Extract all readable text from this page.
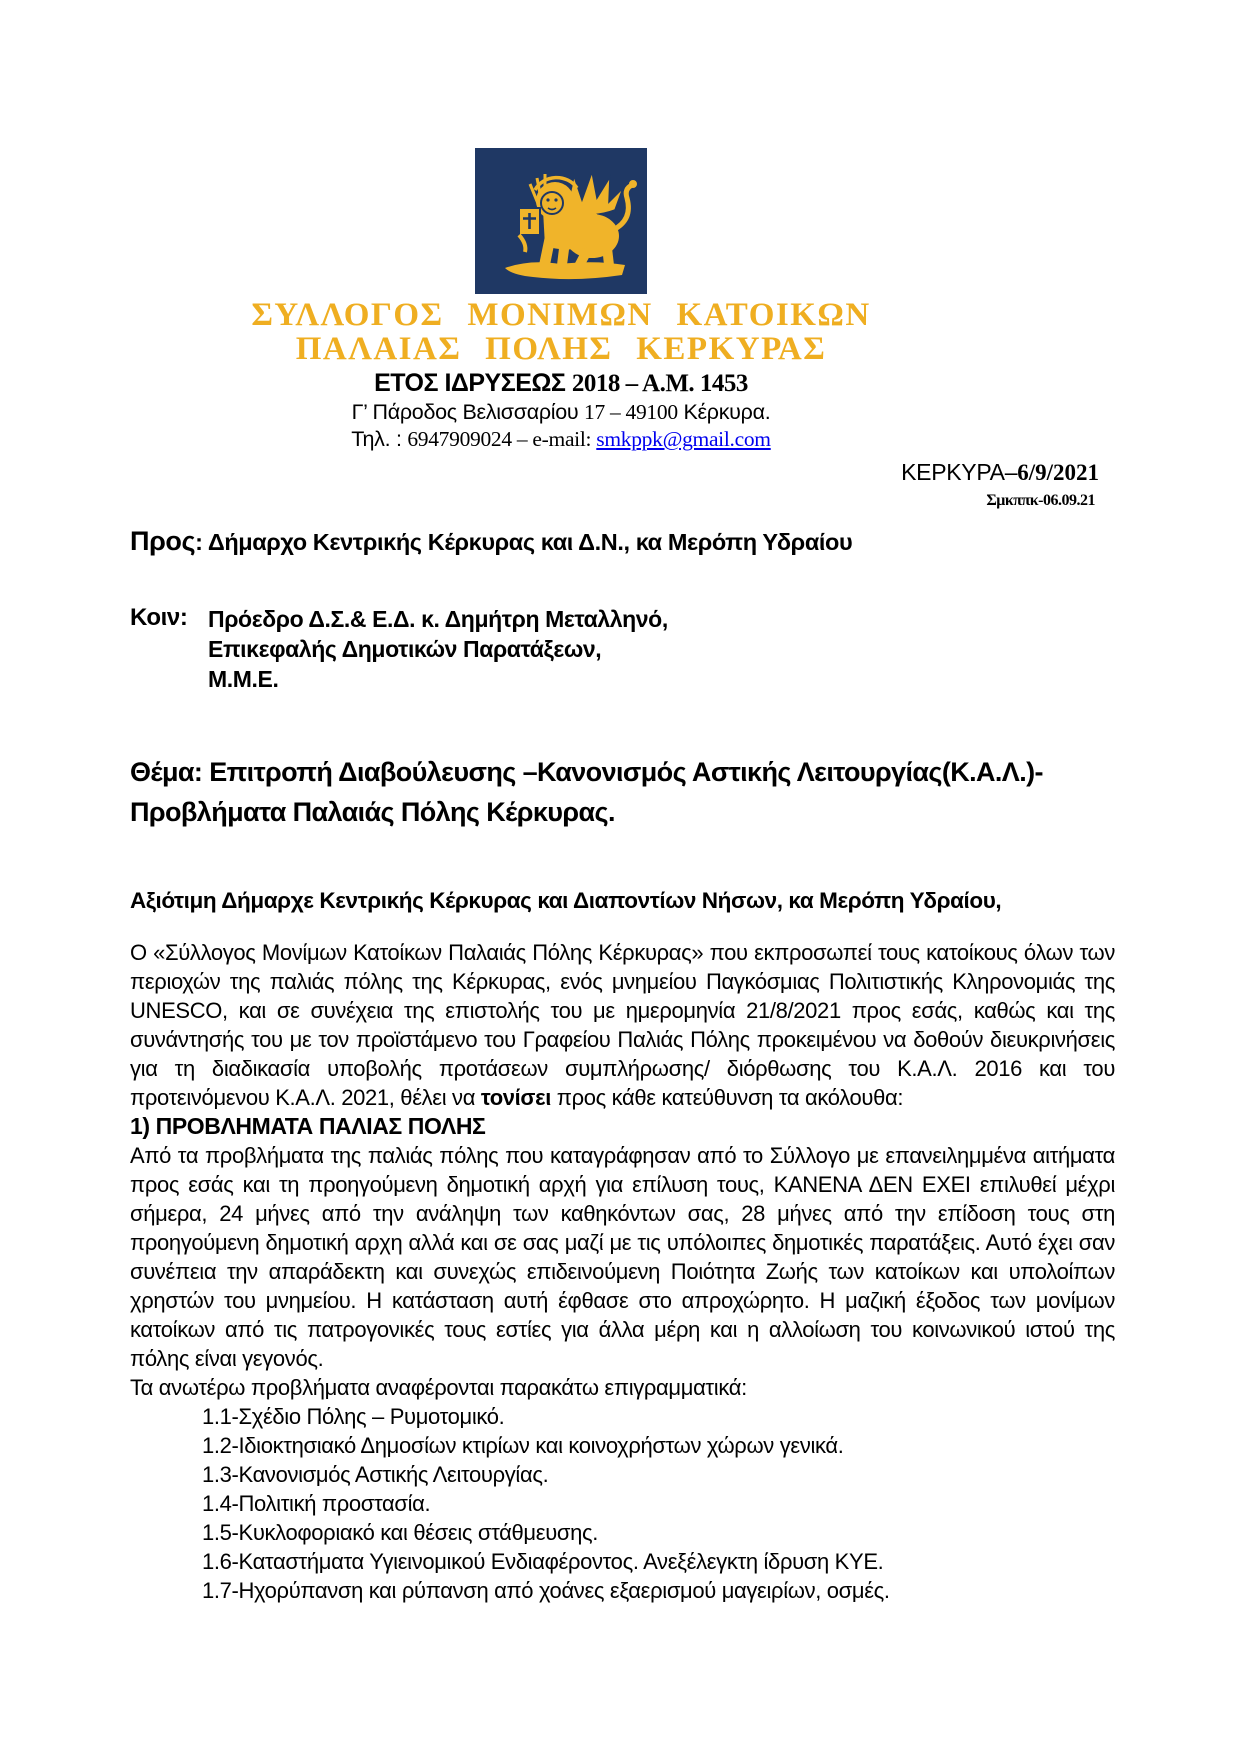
ΣΥΛΛΟΓΟΣ ΜΟΝΙΜΩΝ ΚΑΤΟΙΚΩΝ
ΠΑΛΑΙΑΣ ΠΟΛΗΣ ΚΕΡΚΥΡΑΣ
ΕΤΟΣ ΙΔΡΥΣΕΩΣ 2018 – Α.Μ. 1453
Γ’ Πάροδος Βελισσαρίου 17 – 49100 Κέρκυρα.
Τηλ. : 6947909024 – e-mail: smkppk@gmail.com
ΚΕΡΚΥΡΑ–6/9/2021
Σμκππκ-06.09.21
Προς: Δήμαρχο Κεντρικής Κέρκυρας και Δ.Ν., κα Μερόπη Υδραίου
Κοιν: Πρόεδρο Δ.Σ.& Ε.Δ. κ. Δημήτρη Μεταλληνό,
Επικεφαλής Δημοτικών Παρατάξεων,
Μ.Μ.Ε.
Θέμα: Επιτροπή Διαβούλευσης –Κανονισμός Αστικής Λειτουργίας(Κ.Α.Λ.)- Προβλήματα Παλαιάς Πόλης Κέρκυρας.
Αξιότιμη Δήμαρχε Κεντρικής Κέρκυρας και Διαποντίων Νήσων, κα Μερόπη Υδραίου,
Ο «Σύλλογος Μονίμων Κατοίκων Παλαιάς Πόλης Κέρκυρας» που εκπροσωπεί τους κατοίκους όλων των περιοχών της παλιάς πόλης της Κέρκυρας, ενός μνημείου Παγκόσμιας Πολιτιστικής Κληρονομιάς της UNESCO, και σε συνέχεια της επιστολής του με ημερομηνία 21/8/2021 προς εσάς, καθώς και της συνάντησής του με τον προϊστάμενο του Γραφείου Παλιάς Πόλης προκειμένου να δοθούν διευκρινήσεις για τη διαδικασία υποβολής προτάσεων συμπλήρωσης/ διόρθωσης του Κ.Α.Λ. 2016 και του προτεινόμενου Κ.Α.Λ. 2021, θέλει να τονίσει προς κάθε κατεύθυνση τα ακόλουθα:
1) ΠΡΟΒΛΗΜΑΤΑ ΠΑΛΙΑΣ ΠΟΛΗΣ
Από τα προβλήματα της παλιάς πόλης που καταγράφησαν από το Σύλλογο με επανειλημμένα αιτήματα προς εσάς και τη προηγούμενη δημοτική αρχή για επίλυση τους, ΚΑΝΕΝΑ ΔΕΝ ΕΧΕΙ επιλυθεί μέχρι σήμερα, 24 μήνες από την ανάληψη των καθηκόντων σας, 28 μήνες από την επίδοση τους στη προηγούμενη δημοτική αρχη αλλά και σε σας μαζί με τις υπόλοιπες δημοτικές παρατάξεις. Αυτό έχει σαν συνέπεια την απαράδεκτη και συνεχώς επιδεινούμενη Ποιότητα Ζωής των κατοίκων και υπολοίπων χρηστών του μνημείου. Η κατάσταση αυτή έφθασε στο απροχώρητο. Η μαζική έξοδος των μονίμων κατοίκων από τις πατρογονικές τους εστίες για άλλα μέρη και η αλλοίωση του κοινωνικού ιστού της πόλης είναι γεγονός.
Τα ανωτέρω προβλήματα αναφέρονται παρακάτω επιγραμματικά:
1.1-Σχέδιο Πόλης – Ρυμοτομικό.
1.2-Ιδιοκτησιακό Δημοσίων κτιρίων και κοινοχρήστων χώρων γενικά.
1.3-Κανονισμός Αστικής Λειτουργίας.
1.4-Πολιτική προστασία.
1.5-Κυκλοφοριακό και θέσεις στάθμευσης.
1.6-Καταστήματα Υγιεινομικού Ενδιαφέροντος. Ανεξέλεγκτη ίδρυση ΚΥΕ.
1.7-Ηχορύπανση και ρύπανση από χοάνες εξαερισμού μαγειρίων, οσμές.
